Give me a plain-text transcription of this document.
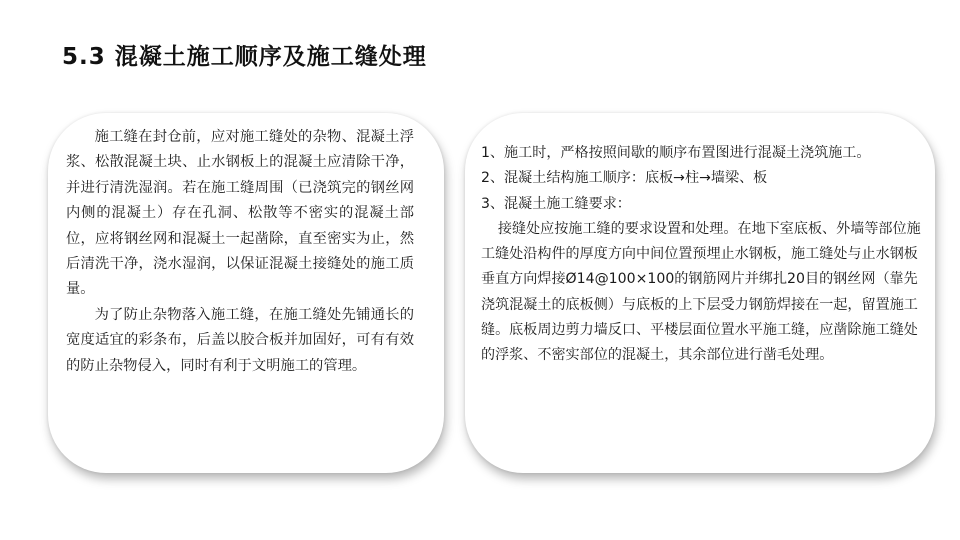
5.3 混凝土施工顺序及施工缝处理

施工缝在封仓前，应对施工缝处的杂物、混凝土浮浆、松散混凝土块、止水钢板上的混凝土应清除干净，并进行清洗湿润。若在施工缝周围（已浇筑完的钢丝网内侧的混凝土）存在孔洞、松散等不密实的混凝土部位，应将钢丝网和混凝土一起凿除，直至密实为止，然后清洗干净，浇水湿润，以保证混凝土接缝处的施工质量。

为了防止杂物落入施工缝，在施工缝处先铺通长的宽度适宜的彩条布，后盖以胶合板并加固好，可有有效的防止杂物侵入，同时有利于文明施工的管理。

1、施工时，严格按照间歇的顺序布置图进行混凝土浇筑施工。

2、混凝土结构施工顺序：底板→柱→墙梁、板

3、混凝土施工缝要求：

接缝处应按施工缝的要求设置和处理。在地下室底板、外墙等部位施工缝处沿构件的厚度方向中间位置预埋止水钢板，施工缝处与止水钢板垂直方向焊接Ø14@100×100的钢筋网片并绑扎20目的钢丝网（靠先浇筑混凝土的底板侧）与底板的上下层受力钢筋焊接在一起，留置施工缝。底板周边剪力墙反口、平楼层面位置水平施工缝，应凿除施工缝处的浮浆、不密实部位的混凝土，其余部位进行凿毛处理。
